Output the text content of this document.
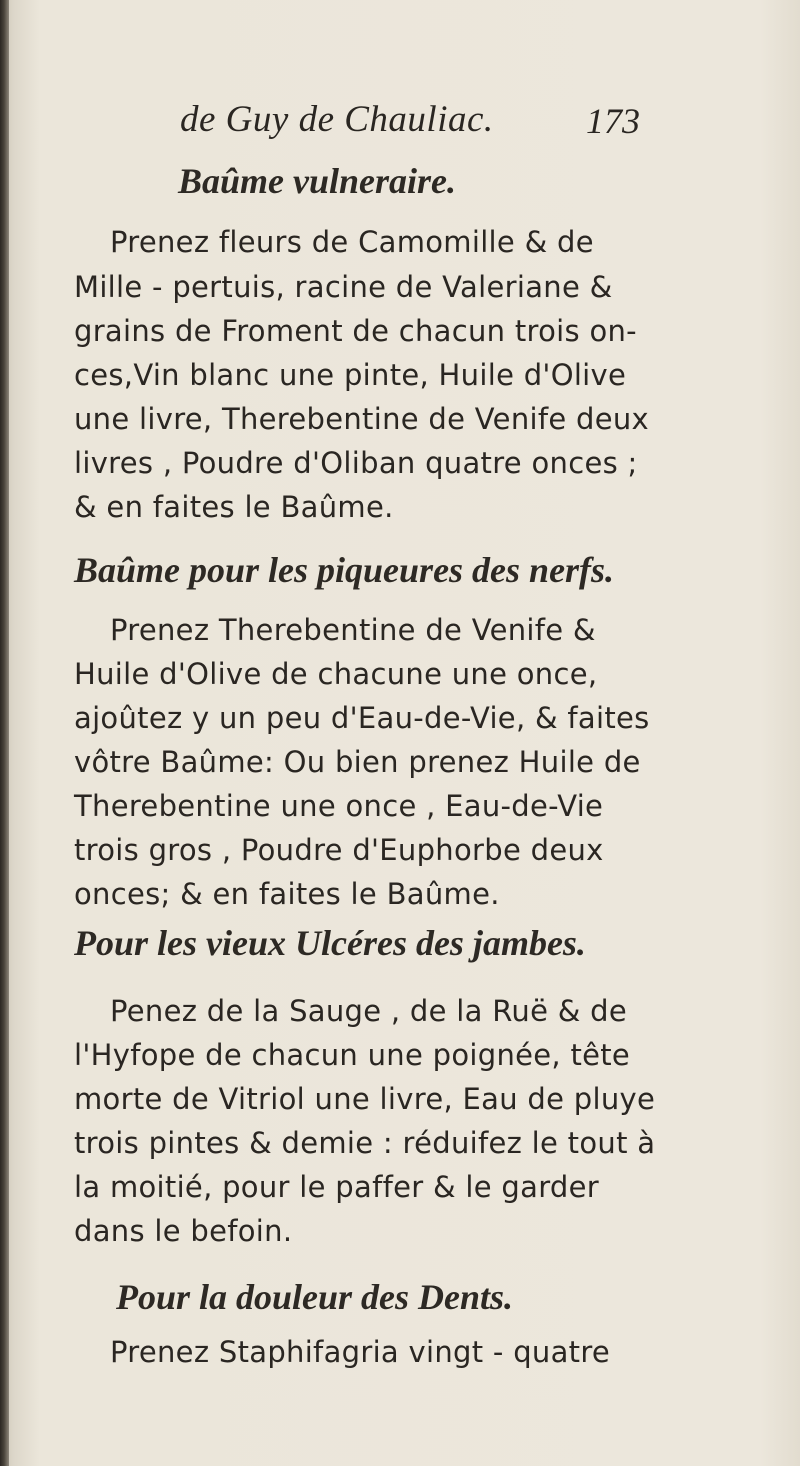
de Guy de Chauliac.	173
Baûme vulneraire.
Prenez fleurs de Camomille & de
Mille - pertuis, racine de Valeriane &
grains de Froment de chacun trois on-
ces,Vin blanc une pinte, Huile d'Olive
une livre, Therebentine de Venife deux
livres , Poudre d'Oliban quatre onces ;
& en faites le Baûme.
Baûme pour les piqueures des nerfs.
Prenez Therebentine de Venife &
Huile d'Olive de chacune une once,
ajoûtez y un peu d'Eau-de-Vie, & faites
vôtre Baûme: Ou bien prenez Huile de
Therebentine une once , Eau-de-Vie
trois gros , Poudre d'Euphorbe deux
onces; & en faites le Baûme.
Pour les vieux Ulcéres des jambes.
Penez de la Sauge , de la Ruë & de
l'Hyfope de chacun une poignée, tête
morte de Vitriol une livre, Eau de pluye
trois pintes & demie : réduifez le tout à
la moitié, pour le paffer & le garder
dans le befoin.
Pour la douleur des Dents.
Prenez Staphifagria vingt - quatre
